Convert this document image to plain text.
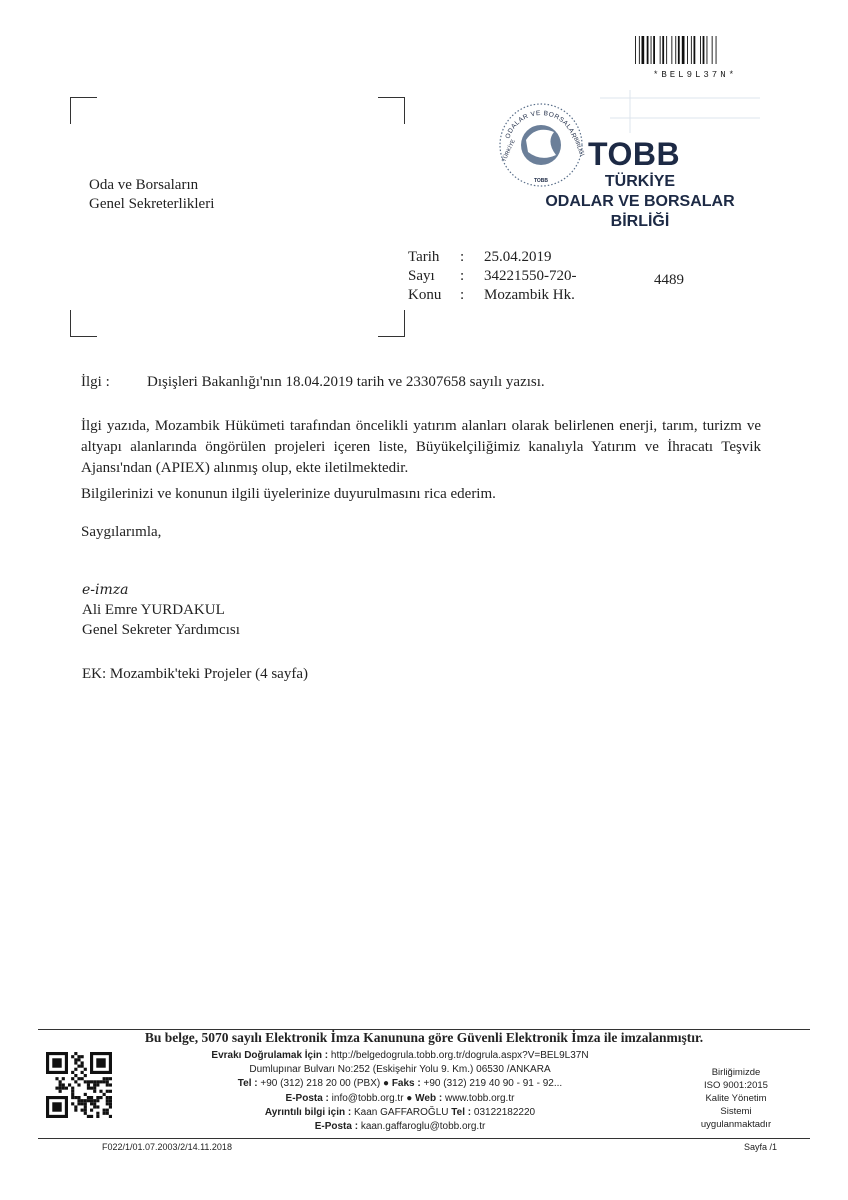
*BEL9L37N*
Oda ve Borsaların
Genel Sekreterlikleri
ODALAR VE BORSALAR
TOBB
TÜRKİYE	BİRLİĞİ TOBB
TÜRKİYE
ODALAR VE BORSALAR
BİRLİĞİ
Tarih	:	25.04.2019
Sayı	:	34221550-720-
Konu	:	Mozambik Hk.
4489
İlgi : Dışişleri Bakanlığı'nın 18.04.2019 tarih ve 23307658 sayılı yazısı.
İlgi yazıda, Mozambik Hükümeti tarafından öncelikli yatırım alanları olarak belirlenen enerji, tarım, turizm ve altyapı alanlarında öngörülen projeleri içeren liste, Büyükelçiliğimiz kanalıyla Yatırım ve İhracatı Teşvik Ajansı'ndan (APIEX) alınmış olup, ekte iletilmektedir.
Bilgilerinizi ve konunun ilgili üyelerinize duyurulmasını rica ederim.
Saygılarımla,
e-imza
Ali Emre YURDAKUL
Genel Sekreter Yardımcısı
EK: Mozambik'teki Projeler (4 sayfa)
Bu belge, 5070 sayılı Elektronik İmza Kanununa göre Güvenli Elektronik İmza ile imzalanmıştır.
Evrakı Doğrulamak İçin : http://belgedogrula.tobb.org.tr/dogrula.aspx?V=BEL9L37N
Dumlupınar Bulvarı No:252 (Eskişehir Yolu 9. Km.) 06530 /ANKARA
Tel : +90 (312) 218 20 00 (PBX) ● Faks : +90 (312) 219 40 90 - 91 - 92...
E-Posta : info@tobb.org.tr ● Web : www.tobb.org.tr
Ayrıntılı bilgi için : Kaan GAFFAROĞLU Tel : 03122182220
E-Posta : kaan.gaffaroglu@tobb.org.tr
Birliğimizde
ISO 9001:2015
Kalite Yönetim
Sistemi
uygulanmaktadır
F022/1/01.07.2003/2/14.11.2018	Sayfa /1
